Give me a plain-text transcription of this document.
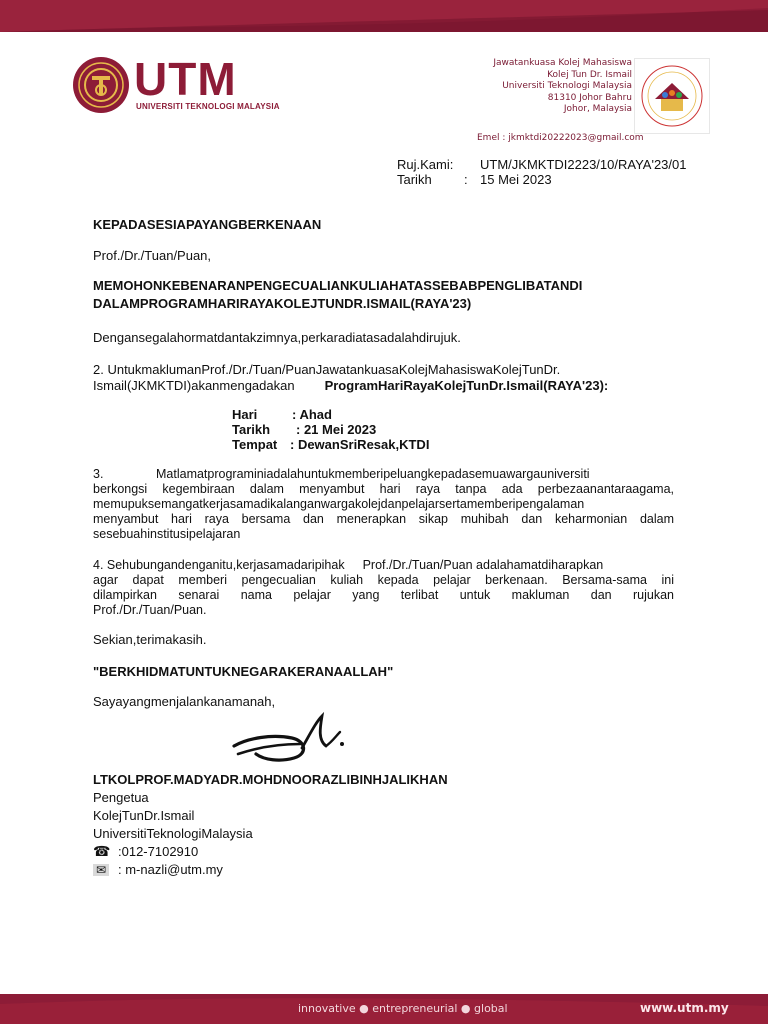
UTM
UNIVERSITI TEKNOLOGI MALAYSIA
Jawatankuasa Kolej Mahasiswa
Kolej Tun Dr. Ismail
Universiti Teknologi Malaysia
81310 Johor Bahru
Johor, Malaysia
Emel : jkmktdi20222023@gmail.com
Ruj.Kami:	UTM/JKMKTDI2223/10/RAYA'23/01
Tarikh	: 15 Mei 2023
KEPADASESIAPAYANGBERKENAAN
Prof./Dr./Tuan/Puan,
MEMOHONKEBENARANPENGECUALIANKULIAHATASSEBABPENGLIBATANDI
DALAMPROGRAMHARIRAYAKOLEJTUNDR.ISMAIL(RAYA'23)
Dengansegalahormatdantakzimnya,perkaradiatasadalahdirujuk.
2. UntukmaklumanProf./Dr./Tuan/PuanJawatankuasaKolejMahasiswaKolejTunDr.
Ismail(JKMKTDI)akanmengadakan ProgramHariRayaKolejTunDr.Ismail(RAYA'23):
Hari	: Ahad
Tarikh	: 21 Mei 2023
Tempat : DewanSriResak,KTDI
3.	Matlamatprograminiadalahuntukmemberipeluangkepadasemuawargauniversiti
berkongsi kegembiraan dalam menyambut hari raya tanpa ada perbezaanantaraagama,
memupuksemangatkerjasamadikalanganwargakolejdanpelajarsertamemberipengalaman
menyambut hari raya bersama dan menerapkan sikap muhibah dan keharmonian dalam
sesebuahinstitusipelajaran
4. Sehubungandenganitu,kerjasamadaripihak Prof./Dr./Tuan/Puan adalahamatdiharapkan
agar dapat memberi pengecualian kuliah kepada pelajar berkenaan. Bersama-sama ini
dilampirkan senarai nama pelajar yang terlibat untuk makluman dan rujukan
Prof./Dr./Tuan/Puan.
Sekian,terimakasih.
"BERKHIDMATUNTUKNEGARAKERANAALLAH"
Sayayangmenjalankanamanah,
LTKOLPROF.MADYADR.MOHDNOORAZLIBINHJALIKHAN
Pengetua
KolejTunDr.Ismail
UniversitiTeknologiMalaysia
☎ :012-7102910
✉ : m-nazli@utm.my
innovative ● entrepreneurial ● global	www.utm.my
